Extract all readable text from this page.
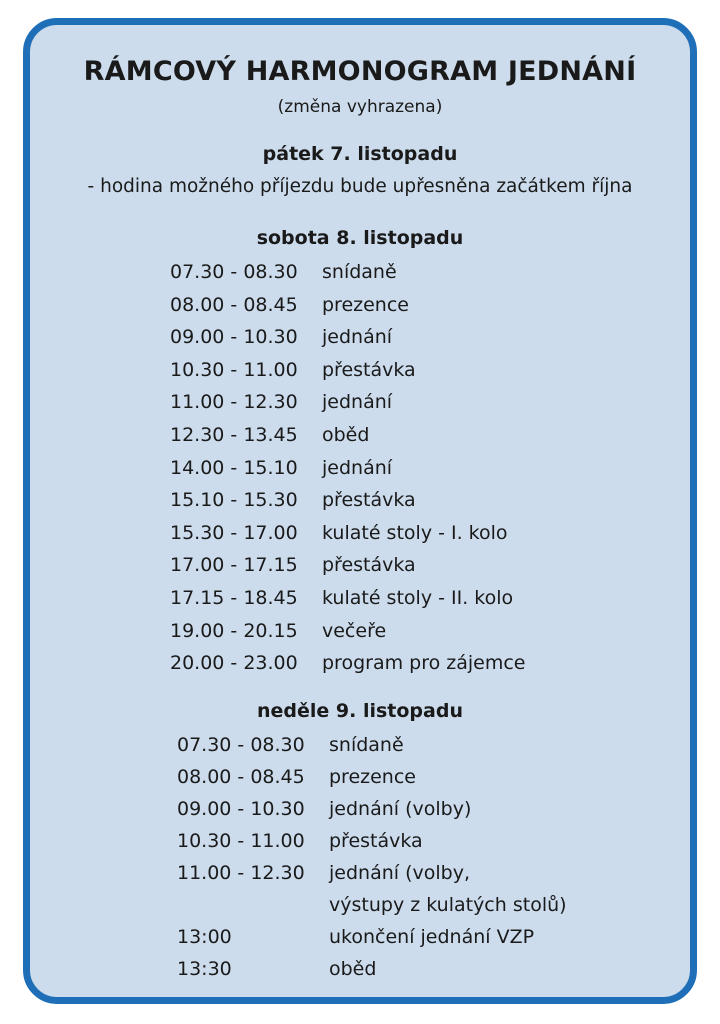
RÁMCOVÝ HARMONOGRAM JEDNÁNÍ
(změna vyhrazena)
pátek 7. listopadu
- hodina možného příjezdu bude upřesněna začátkem října
sobota 8. listopadu
07.30 - 08.30 snídaně
08.00 - 08.45 prezence
09.00 - 10.30 jednání
10.30 - 11.00 přestávka
11.00 - 12.30 jednání
12.30 - 13.45 oběd
14.00 - 15.10 jednání
15.10 - 15.30 přestávka
15.30 - 17.00 kulaté stoly - I. kolo
17.00 - 17.15 přestávka
17.15 - 18.45 kulaté stoly - II. kolo
19.00 - 20.15 večeře
20.00 - 23.00 program pro zájemce
neděle 9. listopadu
07.30 - 08.30 snídaně
08.00 - 08.45 prezence
09.00 - 10.30 jednání (volby)
10.30 - 11.00 přestávka
11.00 - 12.30 jednání (volby,
výstupy z kulatých stolů)
13:00	ukončení jednání VZP
13:30	oběd
